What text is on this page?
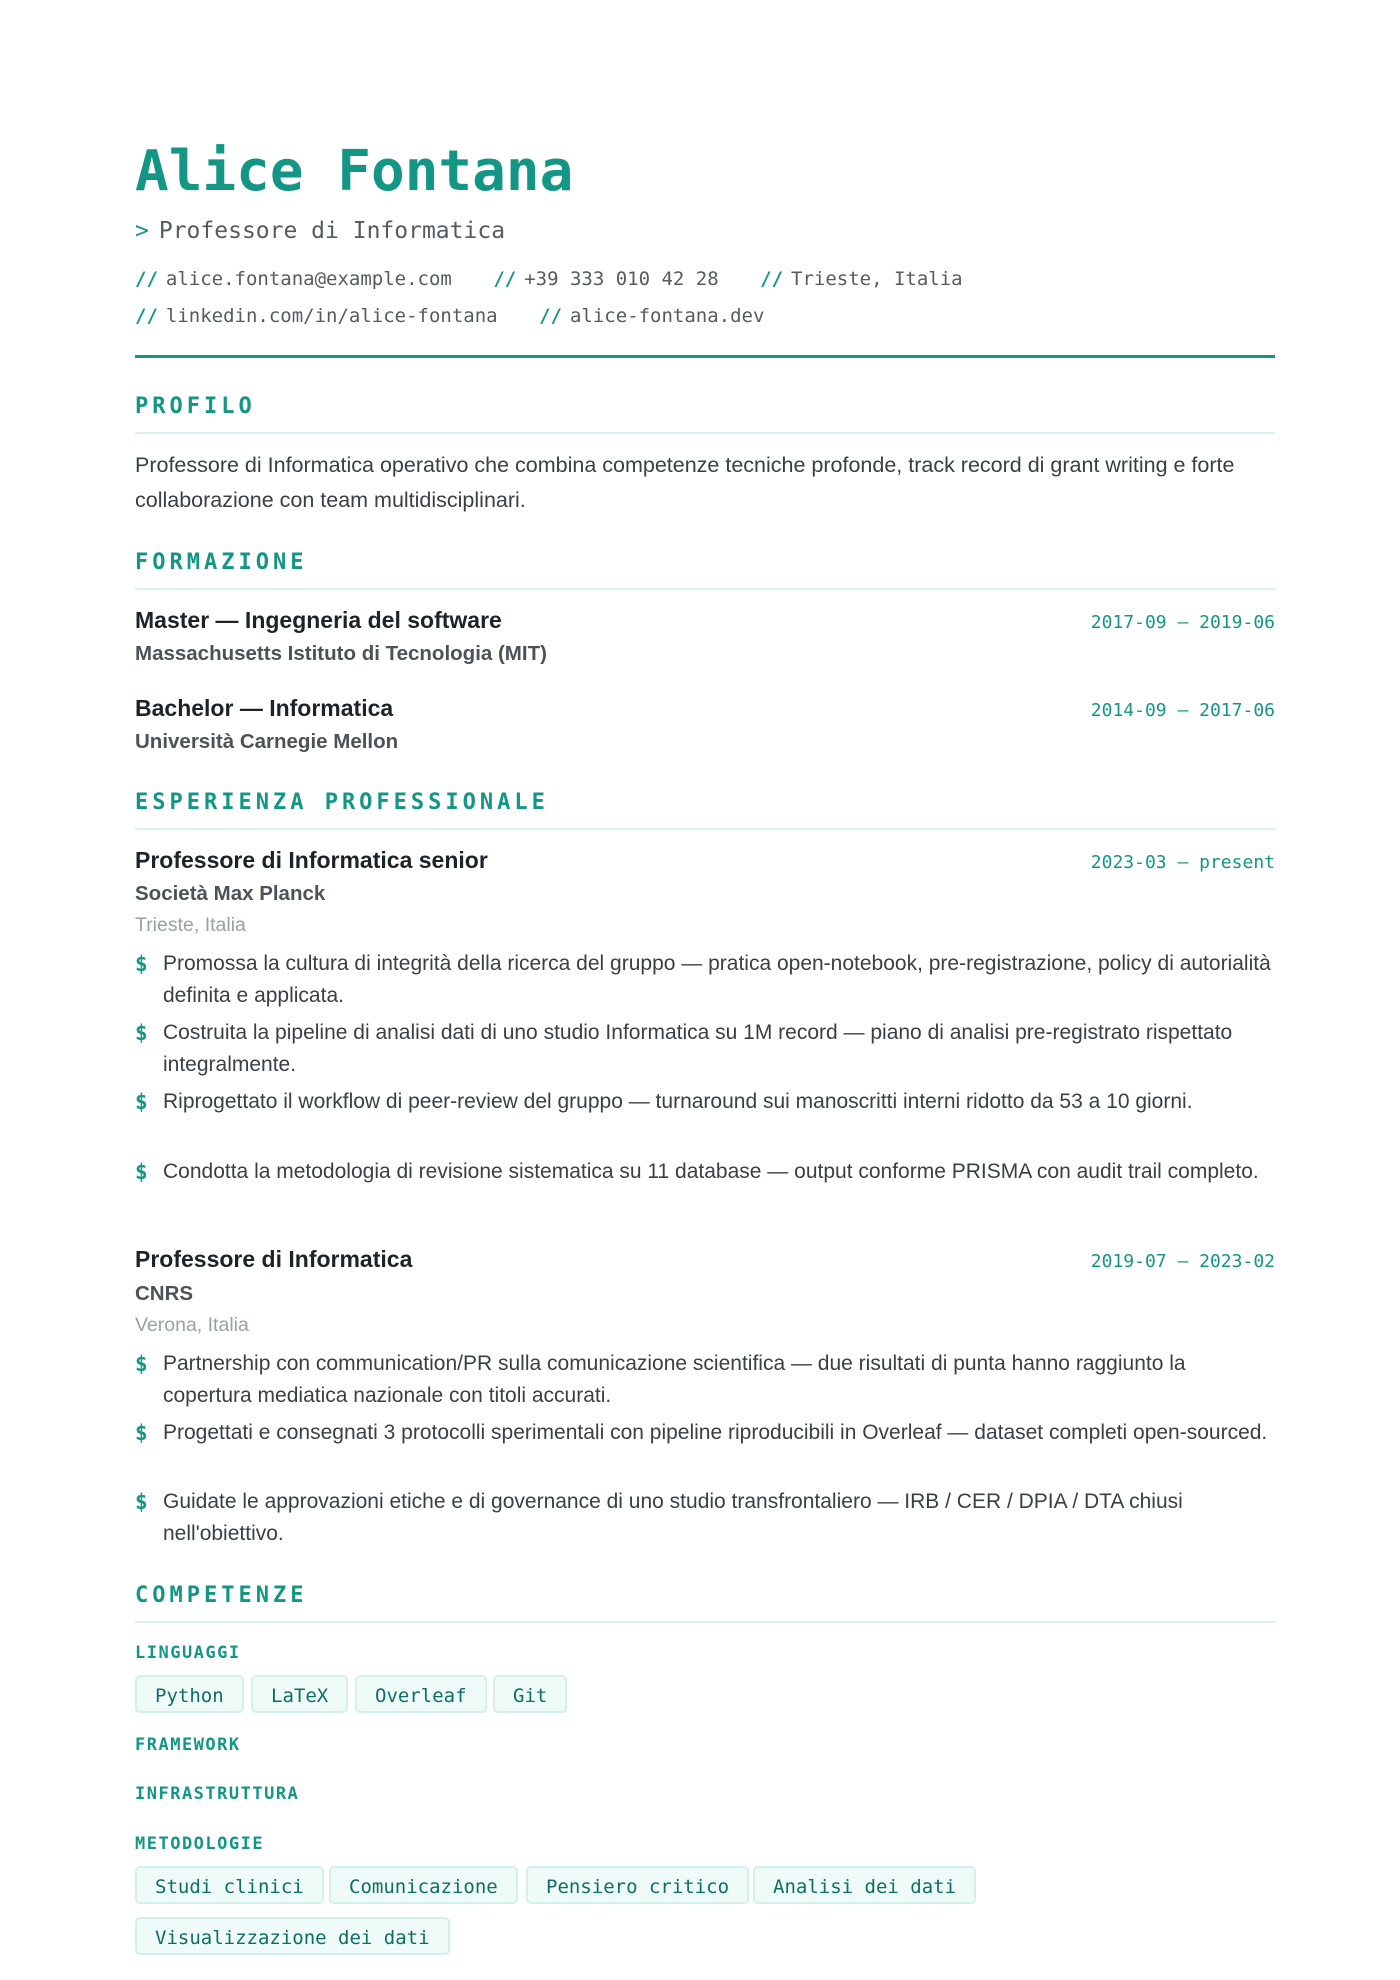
Alice Fontana
> Professore di Informatica
// alice.fontana@example.com // +39 333 010 42 28 // Trieste, Italia
// linkedin.com/in/alice-fontana // alice-fontana.dev
PROFILO
Professore di Informatica operativo che combina competenze tecniche profonde, track record di grant writing e forte collaborazione con team multidisciplinari.
FORMAZIONE
Master — Ingegneria del software	2017-09 – 2019-06
Massachusetts Istituto di Tecnologia (MIT)
Bachelor — Informatica	2014-09 – 2017-06
Università Carnegie Mellon
ESPERIENZA PROFESSIONALE
Professore di Informatica senior	2023-03 – present
Società Max Planck
Trieste, Italia
$ Promossa la cultura di integrità della ricerca del gruppo — pratica open-notebook, pre-registrazione, policy di autorialità definita e applicata.
$ Costruita la pipeline di analisi dati di uno studio Informatica su 1M record — piano di analisi pre-registrato rispettato integralmente.
$ Riprogettato il workflow di peer-review del gruppo — turnaround sui manoscritti interni ridotto da 53 a 10 giorni.
$ Condotta la metodologia di revisione sistematica su 11 database — output conforme PRISMA con audit trail completo.
Professore di Informatica	2019-07 – 2023-02
CNRS
Verona, Italia
$ Partnership con communication/PR sulla comunicazione scientifica — due risultati di punta hanno raggiunto la copertura mediatica nazionale con titoli accurati.
$ Progettati e consegnati 3 protocolli sperimentali con pipeline riproducibili in Overleaf — dataset completi open-sourced.
$ Guidate le approvazioni etiche e di governance di uno studio transfrontaliero — IRB / CER / DPIA / DTA chiusi nell'obiettivo.
COMPETENZE
LINGUAGGI
Python	LaTeX	Overleaf	Git
FRAMEWORK
INFRASTRUTTURA
METODOLOGIE
Studi clinici	Comunicazione	Pensiero critico	Analisi dei dati
Visualizzazione dei dati
